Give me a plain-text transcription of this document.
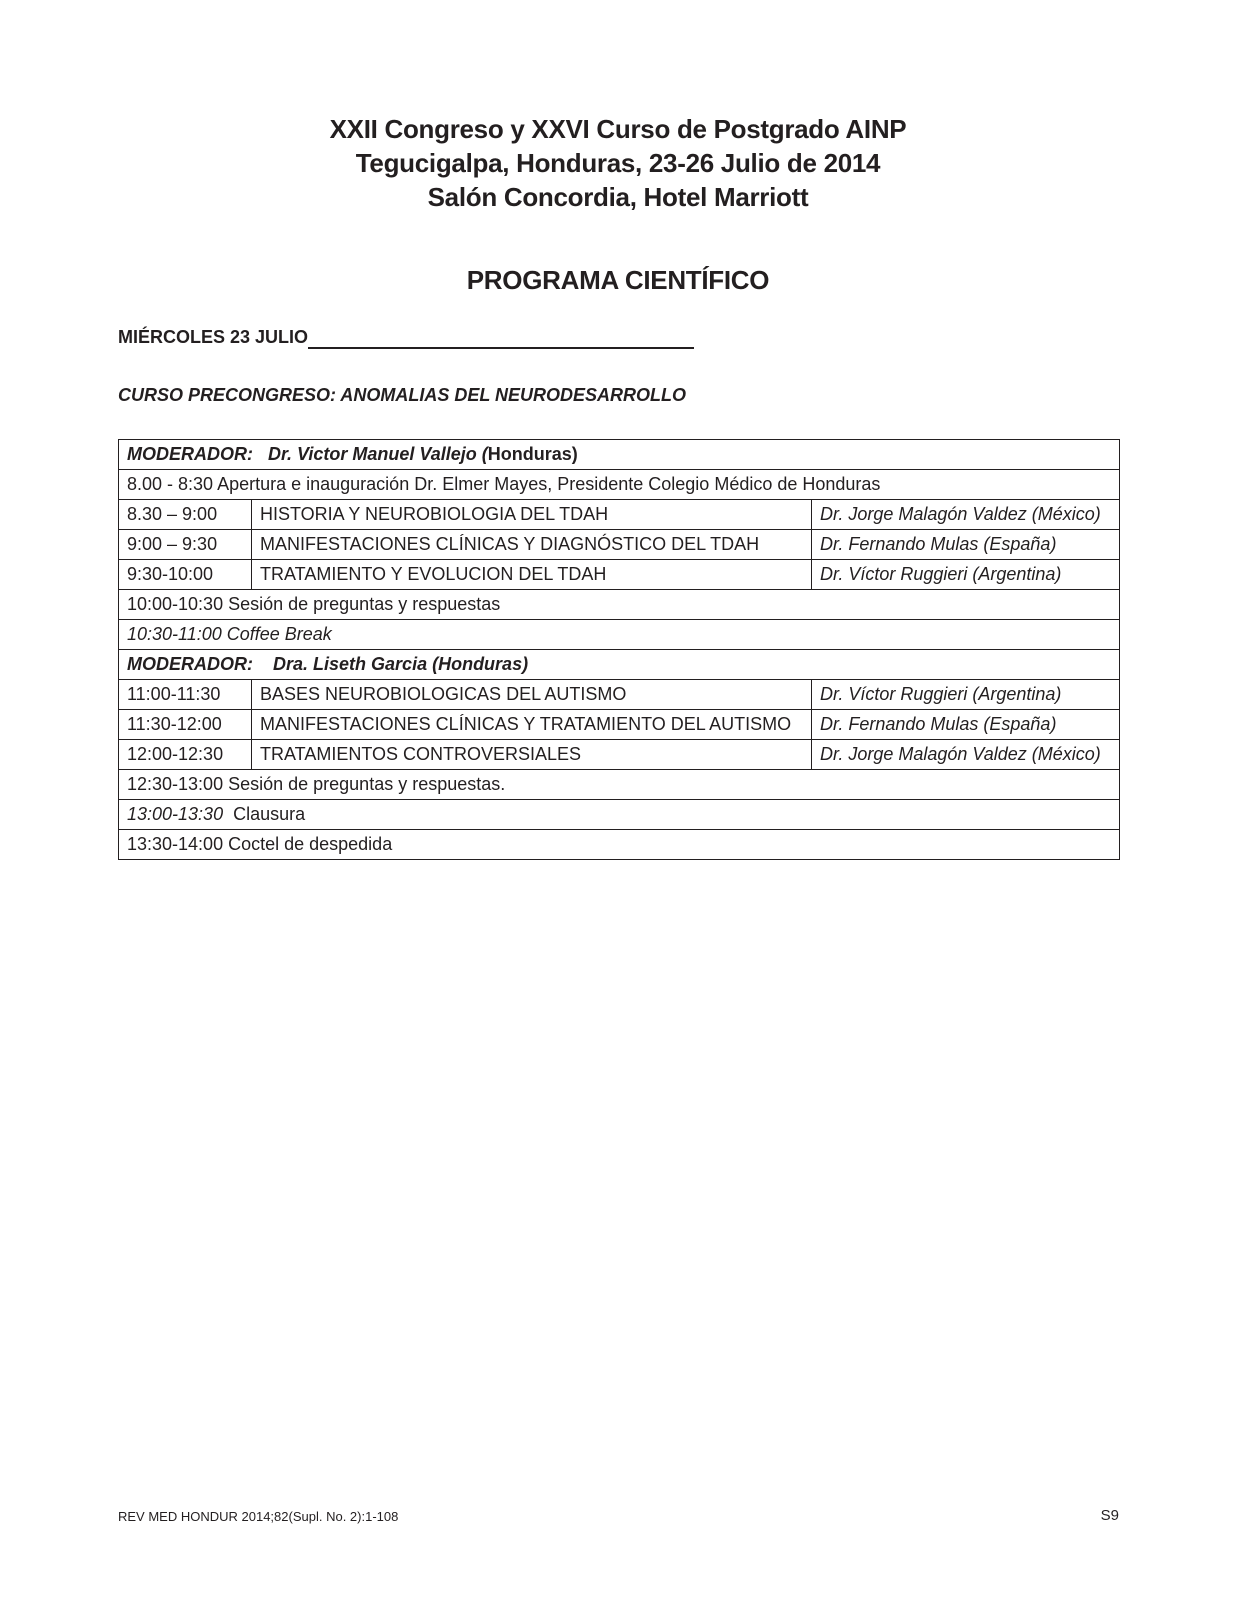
XXII Congreso y XXVI Curso de Postgrado AINP
Tegucigalpa, Honduras, 23-26 Julio de 2014
Salón Concordia, Hotel Marriott
PROGRAMA CIENTÍFICO
MIÉRCOLES 23 JULIO
CURSO PRECONGRESO: ANOMALIAS DEL NEURODESARROLLO
MODERADOR: Dr. Victor Manuel Vallejo (Honduras)		
8.00 - 8:30 Apertura e inauguración Dr. Elmer Mayes, Presidente Colegio Médico de Honduras		
8.30 – 9:00	HISTORIA Y NEUROBIOLOGIA DEL TDAH	Dr. Jorge Malagón Valdez (México)
9:00 – 9:30	MANIFESTACIONES CLÍNICAS Y DIAGNÓSTICO DEL TDAH	Dr. Fernando Mulas (España)
9:30-10:00	TRATAMIENTO Y EVOLUCION DEL TDAH	Dr. Víctor Ruggieri (Argentina)
10:00-10:30 Sesión de preguntas y respuestas		
10:30-11:00 Coffee Break		
MODERADOR: Dra. Liseth Garcia (Honduras)		
11:00-11:30	BASES NEUROBIOLOGICAS DEL AUTISMO	Dr. Víctor Ruggieri (Argentina)
11:30-12:00	MANIFESTACIONES CLÍNICAS Y TRATAMIENTO DEL AUTISMO	Dr. Fernando Mulas (España)
12:00-12:30	TRATAMIENTOS CONTROVERSIALES	Dr. Jorge Malagón Valdez (México)
12:30-13:00 Sesión de preguntas y respuestas.		
13:00-13:30 Clausura		
13:30-14:00 Coctel de despedida		
REV MED HONDUR 2014;82(Supl. No. 2):1-108	S9
